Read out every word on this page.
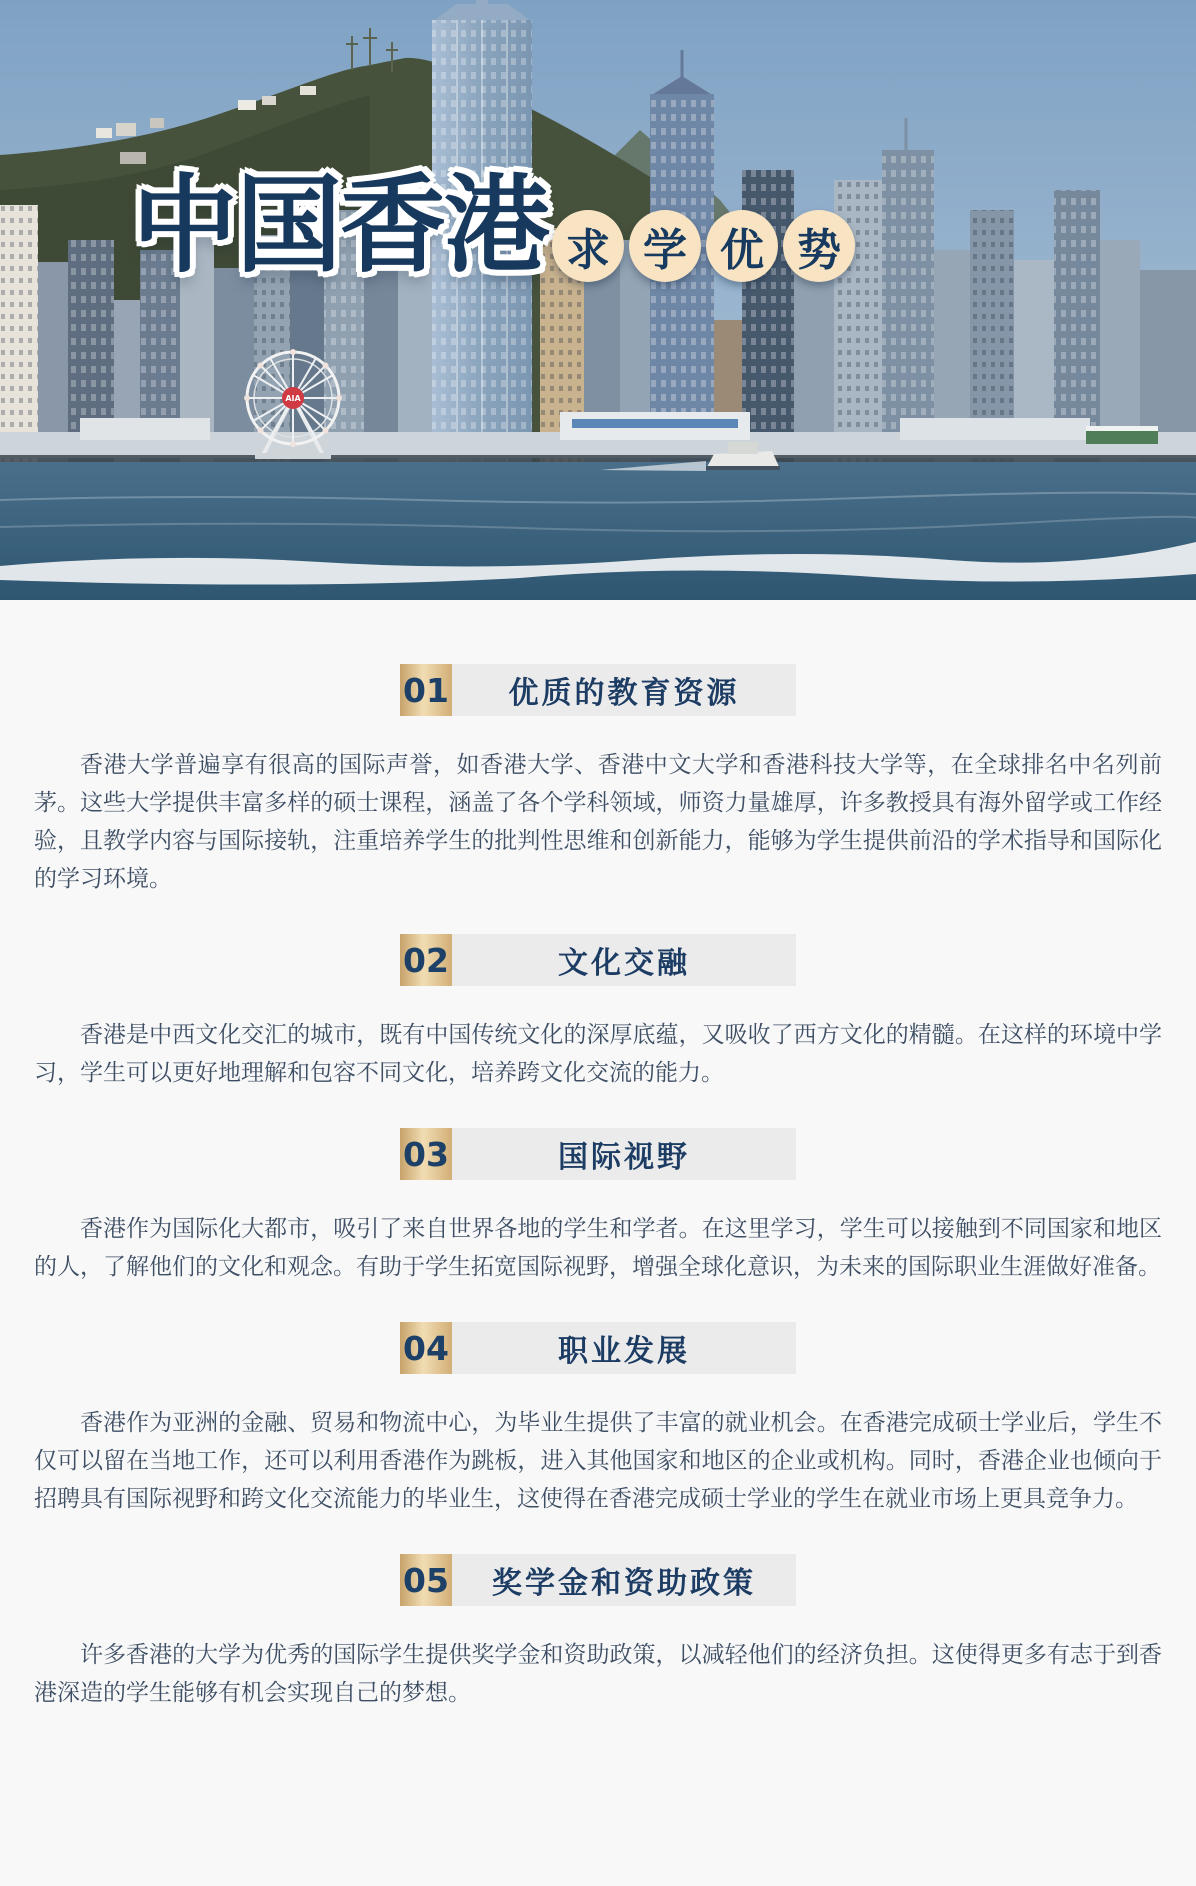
AIA
中国香港 求 学 优 势
01	优质的教育资源

香港大学普遍享有很高的国际声誉，如香港大学、香港中文大学和香港科技大学等，在全球排名中名列前茅。这些大学提供丰富多样的硕士课程，涵盖了各个学科领域，师资力量雄厚，许多教授具有海外留学或工作经验，且教学内容与国际接轨，注重培养学生的批判性思维和创新能力，能够为学生提供前沿的学术指导和国际化的学习环境。

02	文化交融

香港是中西文化交汇的城市，既有中国传统文化的深厚底蕴，又吸收了西方文化的精髓。在这样的环境中学习，学生可以更好地理解和包容不同文化，培养跨文化交流的能力。

03	国际视野

香港作为国际化大都市，吸引了来自世界各地的学生和学者。在这里学习，学生可以接触到不同国家和地区的人，了解他们的文化和观念。有助于学生拓宽国际视野，增强全球化意识，为未来的国际职业生涯做好准备。

04	职业发展

香港作为亚洲的金融、贸易和物流中心，为毕业生提供了丰富的就业机会。在香港完成硕士学业后，学生不仅可以留在当地工作，还可以利用香港作为跳板，进入其他国家和地区的企业或机构。同时，香港企业也倾向于招聘具有国际视野和跨文化交流能力的毕业生，这使得在香港完成硕士学业的学生在就业市场上更具竞争力。

05	奖学金和资助政策

许多香港的大学为优秀的国际学生提供奖学金和资助政策，以减轻他们的经济负担。这使得更多有志于到香港深造的学生能够有机会实现自己的梦想。
